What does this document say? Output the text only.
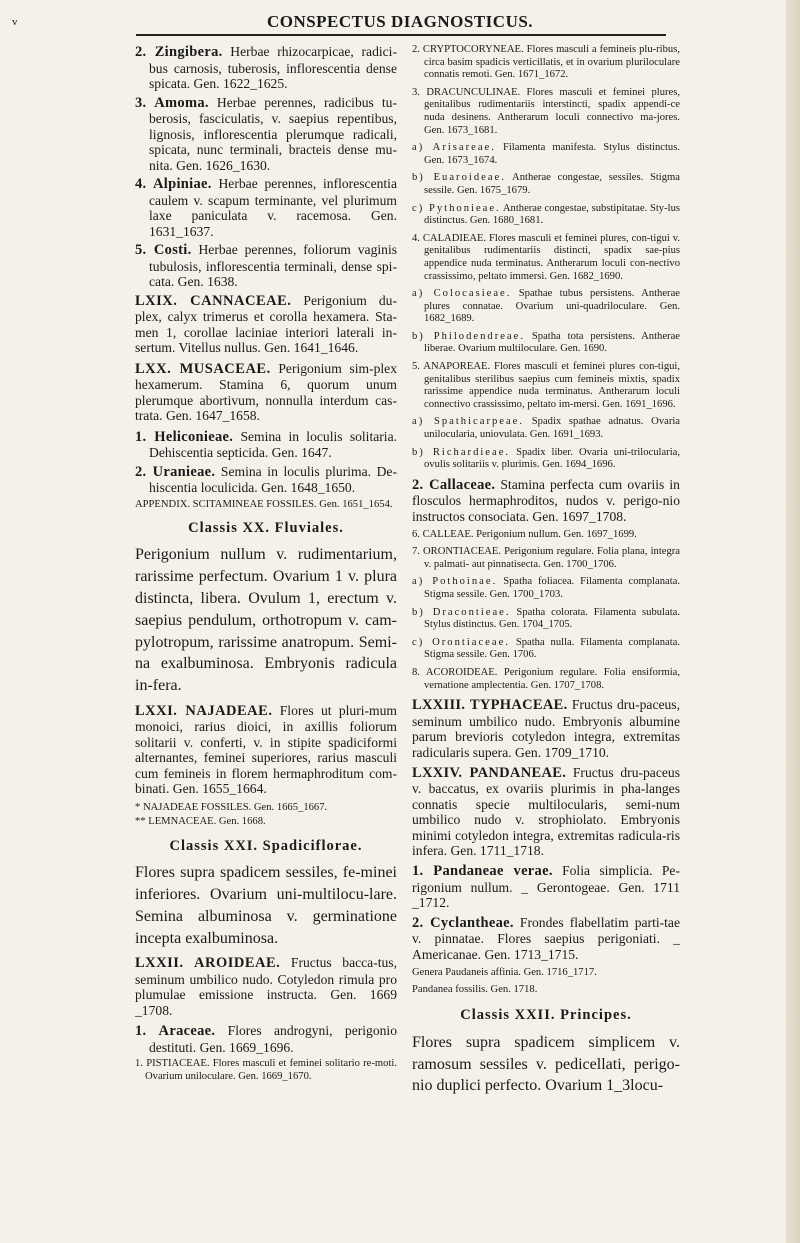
v	CONSPECTUS DIAGNOSTICUS.

2. Zingibera. Herbae rhizocarpicae, radici-bus carnosis, tuberosis, inflorescentia dense spicata. Gen. 1622_1625.

3. Amoma. Herbae perennes, radicibus tu-berosis, fasciculatis, v. saepius repentibus, lignosis, inflorescentia plerumque radicali, spicata, nunc terminali, bracteis dense mu-nita. Gen. 1626_1630.

4. Alpiniae. Herbae perennes, inflorescentia caulem v. scapum terminante, vel plurimum laxe paniculata v. racemosa. Gen. 1631_1637.

5. Costi. Herbae perennes, foliorum vaginis tubulosis, inflorescentia terminali, dense spi-cata. Gen. 1638.

LXIX. CANNACEAE. Perigonium du-plex, calyx trimerus et corolla hexamera. Sta-men 1, corollae laciniae interiori laterali in-sertum. Vitellus nullus. Gen. 1641_1646.

LXX. MUSACEAE. Perigonium sim-plex hexamerum. Stamina 6, quorum unum plerumque abortivum, nonnulla interdum cas-trata. Gen. 1647_1658.

1. Heliconieae. Semina in loculis solitaria. Dehiscentia septicida. Gen. 1647.

2. Uranieae. Semina in loculis plurima. De-hiscentia loculicida. Gen. 1648_1650.

APPENDIX. SCITAMINEAE FOSSILES. Gen. 1651_1654.

Classis XX. Fluviales.

Perigonium nullum v. rudimentarium, rarissime perfectum. Ovarium 1 v. plura distincta, libera. Ovulum 1, erectum v. saepius pendulum, orthotropum v. cam-pylotropum, rarissime anatropum. Semi-na exalbuminosa. Embryonis radicula in-fera.

LXXI. NAJADEAE. Flores ut pluri-mum monoici, rarius dioici, in axillis foliorum solitarii v. conferti, v. in stipite spadiciformi alternantes, feminei superiores, rarius masculi cum femineis in florem hermaphroditum com-binati. Gen. 1655_1664.

* NAJADEAE FOSSILES. Gen. 1665_1667.

** LEMNACEAE. Gen. 1668.

Classis XXI. Spadiciflorae.

Flores supra spadicem sessiles, fe-minei inferiores. Ovarium uni-multilocu-lare. Semina albuminosa v. germinatione incepta exalbuminosa.

LXXII. AROIDEAE. Fructus bacca-tus, seminum umbilico nudo. Cotyledon rimula pro plumulae emissione instructa. Gen. 1669 _1708.

1. Araceae. Flores androgyni, perigonio destituti. Gen. 1669_1696.

1. PISTIACEAE. Flores masculi et feminei solitario re-moti. Ovarium uniloculare. Gen. 1669_1670.

2. CRYPTOCORYNEAE. Flores masculi a femineis plu-ribus, circa basim spadicis verticillatis, et in ovarium pluriloculare connatis remoti. Gen. 1671_1672.

3. DRACUNCULINAE. Flores masculi et feminei plures, genitalibus rudimentariis interstincti, spadix appendi-ce nuda desinens. Antherarum loculi connectivo ma-jores. Gen. 1673_1681.

a) Arisareae. Filamenta manifesta. Stylus distinctus. Gen. 1673_1674.

b) Euaroideae. Antherae congestae, sessiles. Stigma sessile. Gen. 1675_1679.

c) Pythonieae. Antherae congestae, substipitatae. Sty-lus distinctus. Gen. 1680_1681.

4. CALADIEAE. Flores masculi et feminei plures, con-tigui v. genitalibus rudimentariis distincti, spadix sae-pius appendice nuda terminatus. Antherarum loculi con-nectivo crassissimo, peltato immersi. Gen. 1682_1690.

a) Colocasieae. Spathae tubus persistens. Antherae plures connatae. Ovarium uni-quadriloculare. Gen. 1682_1689.

b) Philodendreae. Spatha tota persistens. Antherae liberae. Ovarium multiloculare. Gen. 1690.

5. ANAPOREAE. Flores masculi et feminei plures con-tigui, genitalibus sterilibus saepius cum femineis mixtis, spadix rarissime appendice nuda terminatus. Antherarum loculi connectivo crassissimo, peltato im-mersi. Gen. 1691_1696.

a) Spathicarpeae. Spadix spathae adnatus. Ovaria unilocularia, uniovulata. Gen. 1691_1693.

b) Richardieae. Spadix liber. Ovaria uni-trilocularia, ovulis solitariis v. plurimis. Gen. 1694_1696.

2. Callaceae. Stamina perfecta cum ovariis in flosculos hermaphroditos, nudos v. perigo-nio instructos consociata. Gen. 1697_1708.

6. CALLEAE. Perigonium nullum. Gen. 1697_1699.

7. ORONTIACEAE. Perigonium regulare. Folia plana, integra v. palmati- aut pinnatisecta. Gen. 1700_1706.

a) Pothoinae. Spatha foliacea. Filamenta complanata. Stigma sessile. Gen. 1700_1703.

b) Dracontieae. Spatha colorata. Filamenta subulata. Stylus distinctus. Gen. 1704_1705.

c) Orontiaceae. Spatha nulla. Filamenta complanata. Stigma sessile. Gen. 1706.

8. ACOROIDEAE. Perigonium regulare. Folia ensiformia, vernatione amplectentia. Gen. 1707_1708.

LXXIII. TYPHACEAE. Fructus dru-paceus, seminum umbilico nudo. Embryonis albumine parum brevioris cotyledon integra, extremitas radicularis supera. Gen. 1709_1710.

LXXIV. PANDANEAE. Fructus dru-paceus v. baccatus, ex ovariis plurimis in pha-langes connatis specie multilocularis, semi-num umbilico nudo v. strophiolato. Embryonis minimi cotyledon integra, extremitas radicula-ris infera. Gen. 1711_1718.

1. Pandaneae verae. Folia simplicia. Pe-rigonium nullum. _ Gerontogeae. Gen. 1711 _1712.

2. Cyclantheae. Frondes flabellatim parti-tae v. pinnatae. Flores saepius perigoniati. _ Americanae. Gen. 1713_1715.

Genera Paudaneis affinia. Gen. 1716_1717.

Pandanea fossilis. Gen. 1718.

Classis XXII. Principes.

Flores supra spadicem simplicem v. ramosum sessiles v. pedicellati, perigo-nio duplici perfecto. Ovarium 1_3locu-
